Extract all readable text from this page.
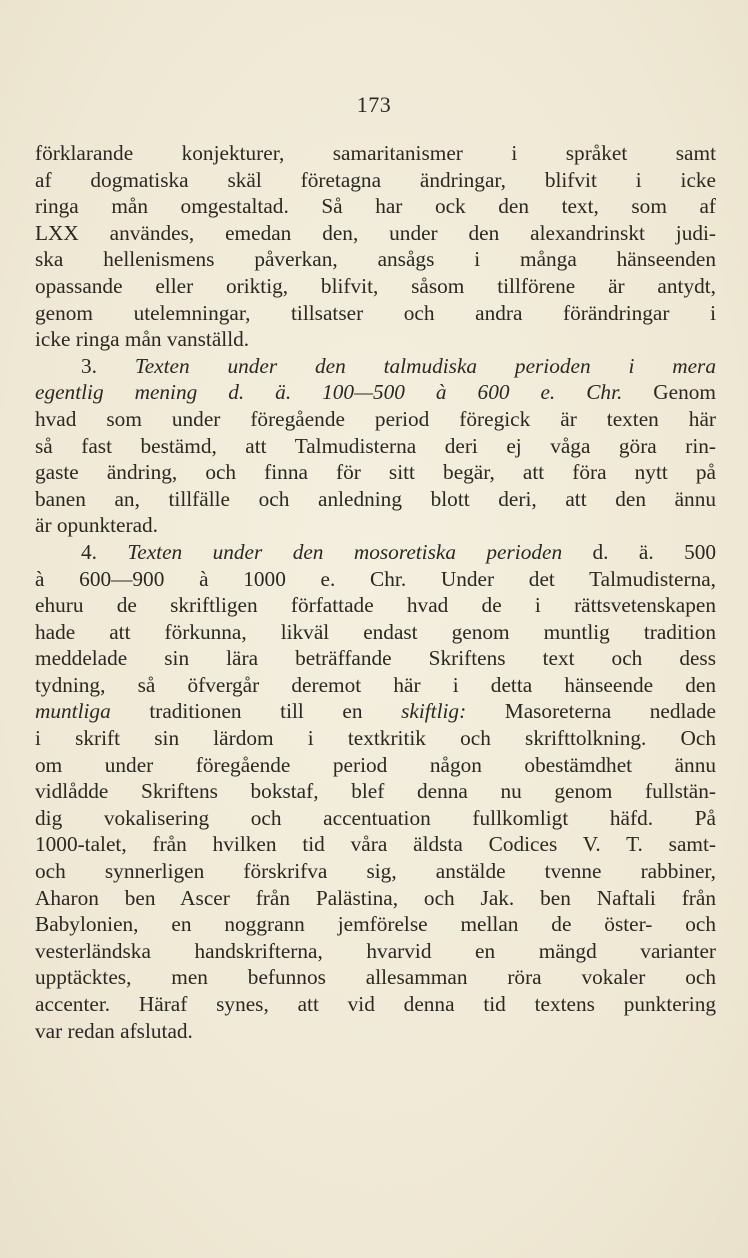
173
förklarande konjekturer, samaritanismer i språket samt
af dogmatiska skäl företagna ändringar, blifvit i icke
ringa mån omgestaltad. Så har ock den text, som af
LXX användes, emedan den, under den alexandrinskt judi-
ska hellenismens påverkan, ansågs i många hänseenden
opassande eller oriktig, blifvit, såsom tillförene är antydt,
genom utelemningar, tillsatser och andra förändringar i
icke ringa mån vanställd.
3. Texten under den talmudiska perioden i mera
egentlig mening d. ä. 100—500 à 600 e. Chr. Genom
hvad som under föregående period föregick är texten här
så fast bestämd, att Talmudisterna deri ej våga göra rin-
gaste ändring, och finna för sitt begär, att föra nytt på
banen an, tillfälle och anledning blott deri, att den ännu
är opunkterad.
4. Texten under den mosoretiska perioden d. ä. 500
à 600—900 à 1000 e. Chr. Under det Talmudisterna,
ehuru de skriftligen författade hvad de i rättsvetenskapen
hade att förkunna, likväl endast genom muntlig tradition
meddelade sin lära beträffande Skriftens text och dess
tydning, så öfvergår deremot här i detta hänseende den
muntliga traditionen till en skiftlig: Masoreterna nedlade
i skrift sin lärdom i textkritik och skrifttolkning. Och
om under föregående period någon obestämdhet ännu
vidlådde Skriftens bokstaf, blef denna nu genom fullstän-
dig vokalisering och accentuation fullkomligt häfd. På
1000-talet, från hvilken tid våra äldsta Codices V. T. samt-
och synnerligen förskrifva sig, anstälde tvenne rabbiner,
Aharon ben Ascer från Palästina, och Jak. ben Naftali från
Babylonien, en noggrann jemförelse mellan de öster- och
vesterländska handskrifterna, hvarvid en mängd varianter
upptäcktes, men befunnos allesamman röra vokaler och
accenter. Häraf synes, att vid denna tid textens punktering
var redan afslutad.
